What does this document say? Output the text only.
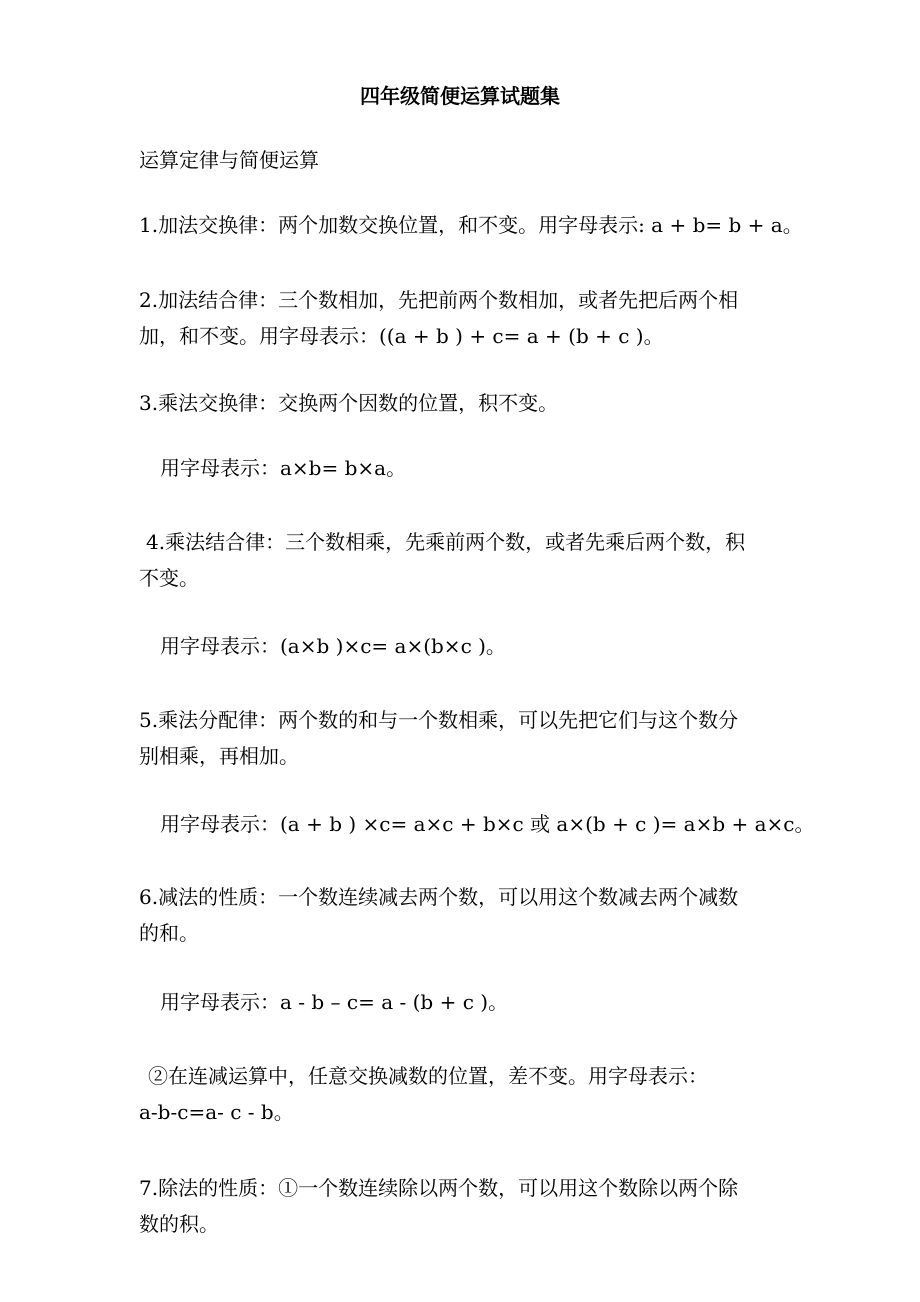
四年级简便运算试题集
运算定律与简便运算
1.加法交换律：两个加数交换位置，和不变。用字母表示: a + b= b + a。
2.加法结合律：三个数相加，先把前两个数相加，或者先把后两个相
加，和不变。用字母表示：((a + b ) + c= a + (b + c )。
3.乘法交换律：交换两个因数的位置，积不变。
用字母表示：a×b= b×a。
4.乘法结合律：三个数相乘，先乘前两个数，或者先乘后两个数，积
不变。
用字母表示：(a×b )×c= a×(b×c )。
5.乘法分配律：两个数的和与一个数相乘，可以先把它们与这个数分
别相乘，再相加。
用字母表示：(a + b ) ×c= a×c + b×c 或 a×(b + c )= a×b + a×c。
6.减法的性质：一个数连续减去两个数，可以用这个数减去两个减数
的和。
用字母表示：a - b – c= a - (b + c )。
②在连减运算中，任意交换减数的位置，差不变。用字母表示：
a-b-c=a- c - b。
7.除法的性质：①一个数连续除以两个数，可以用这个数除以两个除
数的积。
